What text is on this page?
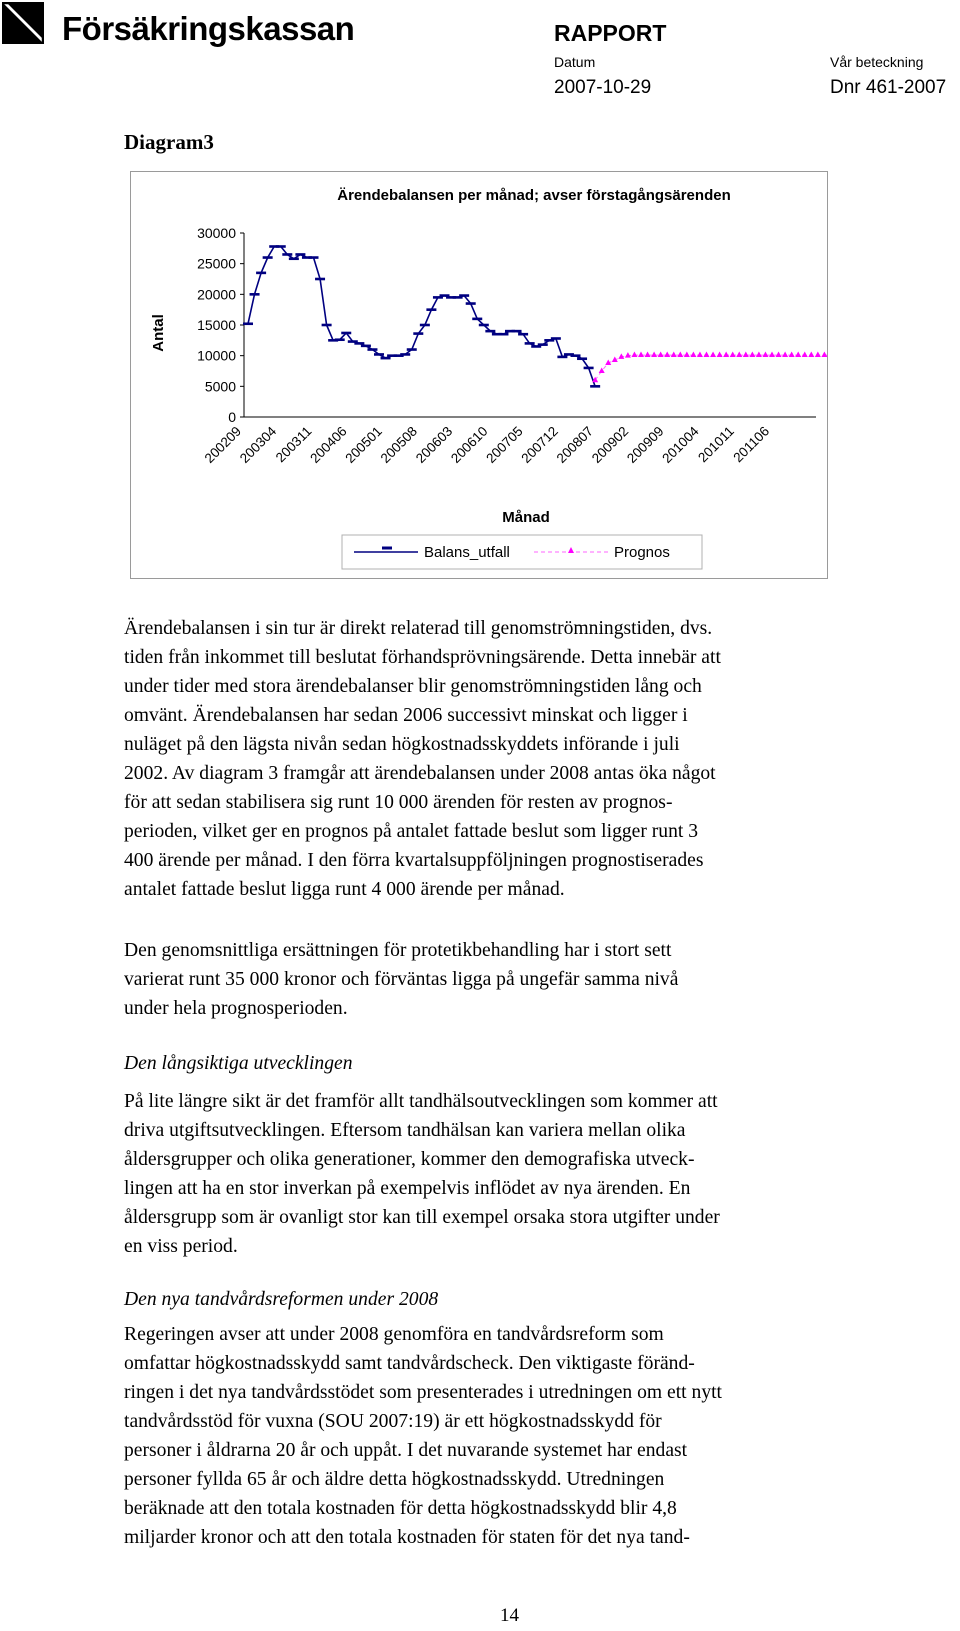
Försäkringskassan	RAPPORT
Datum
2007-10-29
Vår beteckning
Dnr 461-2007
Diagram3
Ärendebalansen per månad; avser förstagångsärenden
Antal
Månad
30000
25000
20000
15000
10000
5000
0
200209
200304
200311
200406
200501
200508
200603
200610
200705
200712
200807
200902
200909
201004
201011
201106
Balans_utfall	Prognos

Ärendebalansen i sin tur är direkt relaterad till genomströmningstiden, dvs.
tiden från inkommet till beslutat förhandsprövningsärende. Detta innebär att
under tider med stora ärendebalanser blir genomströmningstiden lång och
omvänt. Ärendebalansen har sedan 2006 successivt minskat och ligger i
nuläget på den lägsta nivån sedan högkostnadsskyddets införande i juli
2002. Av diagram 3 framgår att ärendebalansen under 2008 antas öka något
för att sedan stabilisera sig runt 10 000 ärenden för resten av prognos-
perioden, vilket ger en prognos på antalet fattade beslut som ligger runt 3
400 ärende per månad. I den förra kvartalsuppföljningen prognostiserades
antalet fattade beslut ligga runt 4 000 ärende per månad.

Den genomsnittliga ersättningen för protetikbehandling har i stort sett
varierat runt 35 000 kronor och förväntas ligga på ungefär samma nivå
under hela prognosperioden.

Den långsiktiga utvecklingen

På lite längre sikt är det framför allt tandhälsoutvecklingen som kommer att
driva utgiftsutvecklingen. Eftersom tandhälsan kan variera mellan olika
åldersgrupper och olika generationer, kommer den demografiska utveck-
lingen att ha en stor inverkan på exempelvis inflödet av nya ärenden. En
åldersgrupp som är ovanligt stor kan till exempel orsaka stora utgifter under
en viss period.

Den nya tandvårdsreformen under 2008

Regeringen avser att under 2008 genomföra en tandvårdsreform som
omfattar högkostnadsskydd samt tandvårdscheck. Den viktigaste föränd-
ringen i det nya tandvårdsstödet som presenterades i utredningen om ett nytt
tandvårdsstöd för vuxna (SOU 2007:19) är ett högkostnadsskydd för
personer i åldrarna 20 år och uppåt. I det nuvarande systemet har endast
personer fyllda 65 år och äldre detta högkostnadsskydd. Utredningen
beräknade att den totala kostnaden för detta högkostnadsskydd blir 4,8
miljarder kronor och att den totala kostnaden för staten för det nya tand-

14
